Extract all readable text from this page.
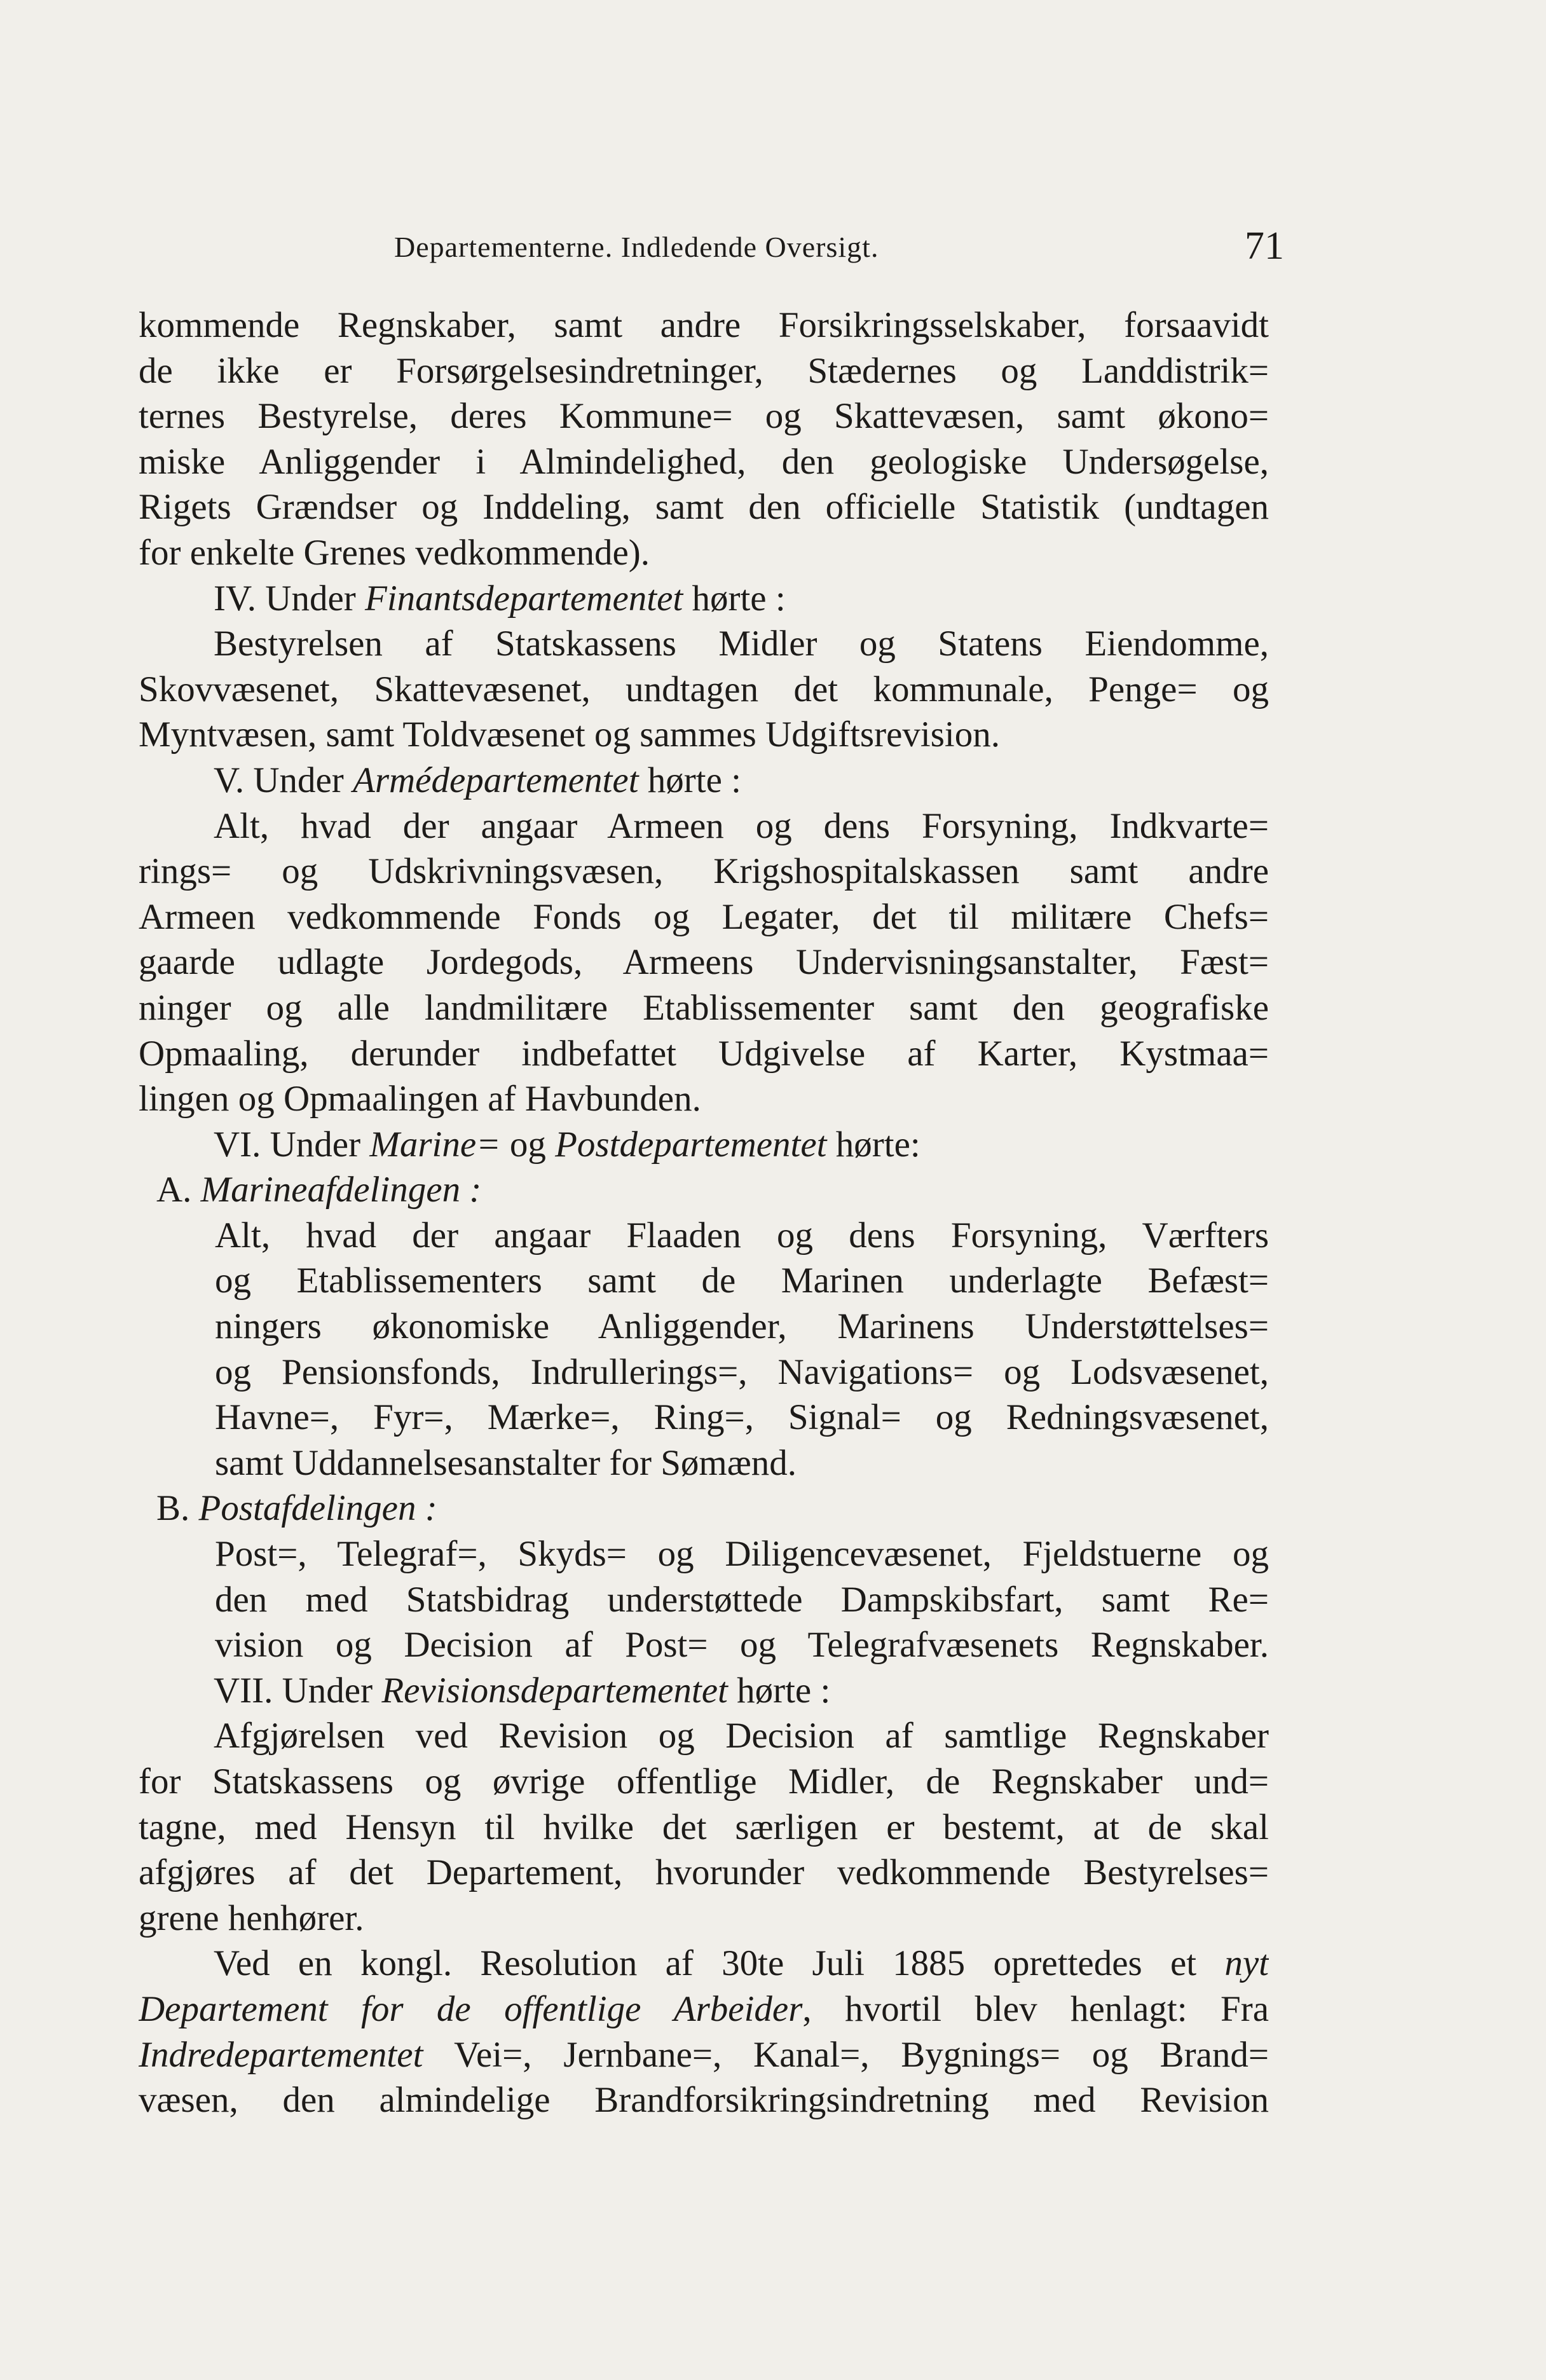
Departementerne. Indledende Oversigt.	71
kommende Regnskaber, samt andre Forsikringsselskaber, forsaavidt
de ikke er Forsørgelsesindretninger, Stædernes og Landdistrik=
ternes Bestyrelse, deres Kommune= og Skattevæsen, samt økono=
miske Anliggender i Almindelighed, den geologiske Undersøgelse,
Rigets Grændser og Inddeling, samt den officielle Statistik (undtagen
for enkelte Grenes vedkommende).
IV. Under Finantsdepartementet hørte :
Bestyrelsen af Statskassens Midler og Statens Eiendomme,
Skovvæsenet, Skattevæsenet, undtagen det kommunale, Penge= og
Myntvæsen, samt Toldvæsenet og sammes Udgiftsrevision.
V. Under Armédepartementet hørte :
Alt, hvad der angaar Armeen og dens Forsyning, Indkvarte=
rings= og Udskrivningsvæsen, Krigshospitalskassen samt andre
Armeen vedkommende Fonds og Legater, det til militære Chefs=
gaarde udlagte Jordegods, Armeens Undervisningsanstalter, Fæst=
ninger og alle landmilitære Etablissementer samt den geografiske
Opmaaling, derunder indbefattet Udgivelse af Karter, Kystmaa=
lingen og Opmaalingen af Havbunden.
VI. Under Marine= og Postdepartementet hørte:
A. Marineafdelingen :
Alt, hvad der angaar Flaaden og dens Forsyning, Værfters
og Etablissementers samt de Marinen underlagte Befæst=
ningers økonomiske Anliggender, Marinens Understøttelses=
og Pensionsfonds, Indrullerings=, Navigations= og Lodsvæsenet,
Havne=, Fyr=, Mærke=, Ring=, Signal= og Redningsvæsenet,
samt Uddannelsesanstalter for Sømænd.
B. Postafdelingen :
Post=, Telegraf=, Skyds= og Diligencevæsenet, Fjeldstuerne og
den med Statsbidrag understøttede Dampskibsfart, samt Re=
vision og Decision af Post= og Telegrafvæsenets Regnskaber.
VII. Under Revisionsdepartementet hørte :
Afgjørelsen ved Revision og Decision af samtlige Regnskaber
for Statskassens og øvrige offentlige Midler, de Regnskaber und=
tagne, med Hensyn til hvilke det særligen er bestemt, at de skal
afgjøres af det Departement, hvorunder vedkommende Bestyrelses=
grene henhører.
Ved en kongl. Resolution af 30te Juli 1885 oprettedes et nyt
Departement for de offentlige Arbeider, hvortil blev henlagt: Fra
Indredepartementet Vei=, Jernbane=, Kanal=, Bygnings= og Brand=
væsen, den almindelige Brandforsikringsindretning med Revision
